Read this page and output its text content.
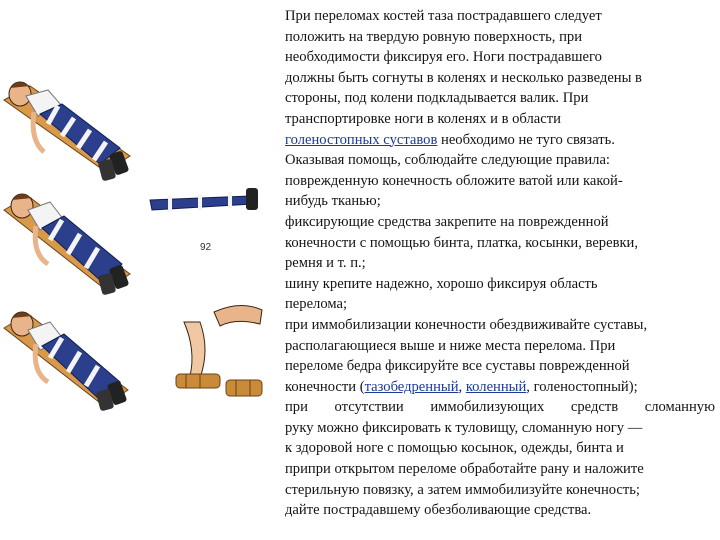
92
При переломах костей таза пострадавшего следует
положить на твердую ровную поверхность, при
необходимости фиксируя его. Ноги пострадавшего
должны быть согнуты в коленях и несколько разведены в
стороны, под колени подкладывается валик. При
транспортировке ноги в коленях и в области
голеностопных суставов необходимо не туго связать.
Оказывая помощь, соблюдайте следующие правила:
поврежденную конечность обложите ватой или какой-
нибудь тканью;
фиксирующие средства закрепите на поврежденной
конечности с помощью бинта, платка, косынки, веревки,
ремня и т. п.;
шину крепите надежно, хорошо фиксируя область
перелома;
при иммобилизации конечности обездвиживайте суставы,
располагающиеся выше и ниже места перелома. При
переломе бедра фиксируйте все суставы поврежденной
конечности (тазобедренный, коленный, голеностопный);
при отсутствии иммобилизующих средств сломанную
руку можно фиксировать к туловищу, сломанную ногу —
к здоровой ноге с помощью косынок, одежды, бинта и
припри открытом переломе обработайте рану и наложите
стерильную повязку, а затем иммобилизуйте конечность;
дайте пострадавшему обезболивающие средства.
